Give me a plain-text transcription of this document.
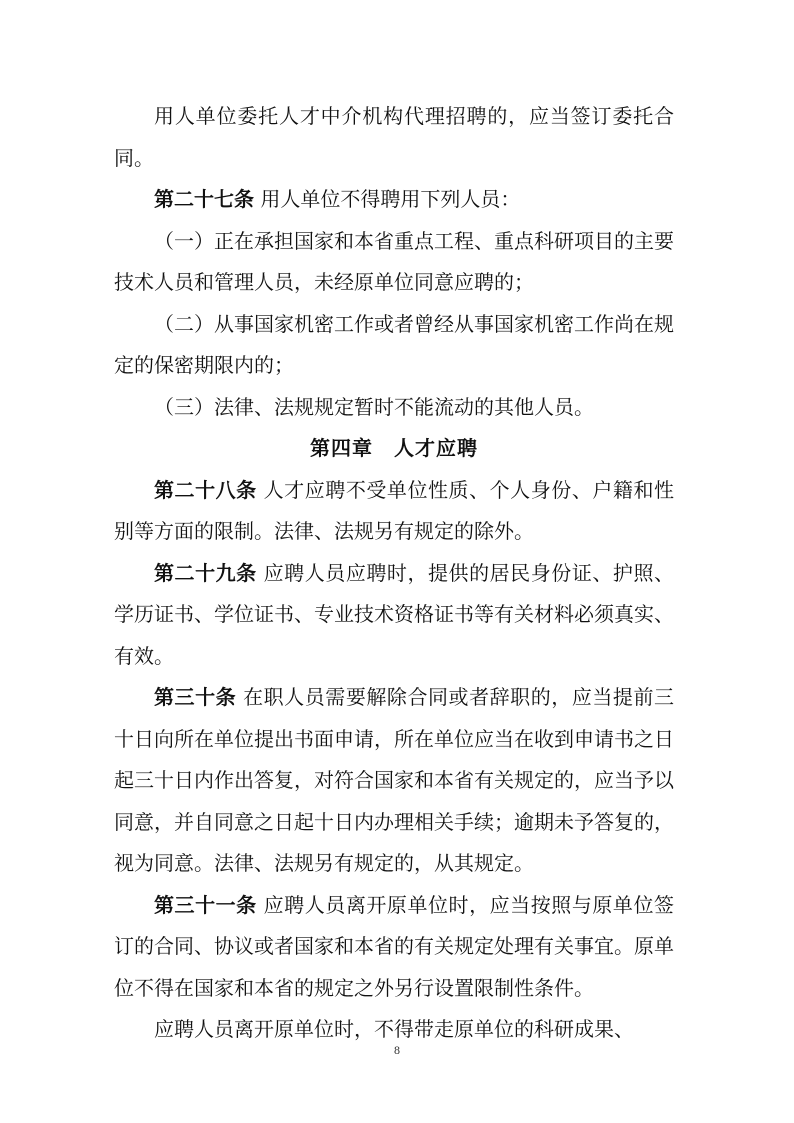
用人单位委托人才中介机构代理招聘的，应当签订委托合同。

第二十七条 用人单位不得聘用下列人员：

（一）正在承担国家和本省重点工程、重点科研项目的主要技术人员和管理人员，未经原单位同意应聘的；

（二）从事国家机密工作或者曾经从事国家机密工作尚在规定的保密期限内的；

（三）法律、法规规定暂时不能流动的其他人员。

第四章　人才应聘

第二十八条 人才应聘不受单位性质、个人身份、户籍和性别等方面的限制。法律、法规另有规定的除外。

第二十九条 应聘人员应聘时，提供的居民身份证、护照、学历证书、学位证书、专业技术资格证书等有关材料必须真实、有效。

第三十条 在职人员需要解除合同或者辞职的，应当提前三十日向所在单位提出书面申请，所在单位应当在收到申请书之日起三十日内作出答复，对符合国家和本省有关规定的，应当予以同意，并自同意之日起十日内办理相关手续；逾期未予答复的，视为同意。法律、法规另有规定的，从其规定。

第三十一条 应聘人员离开原单位时，应当按照与原单位签订的合同、协议或者国家和本省的有关规定处理有关事宜。原单位不得在国家和本省的规定之外另行设置限制性条件。

应聘人员离开原单位时，不得带走原单位的科研成果、

8
